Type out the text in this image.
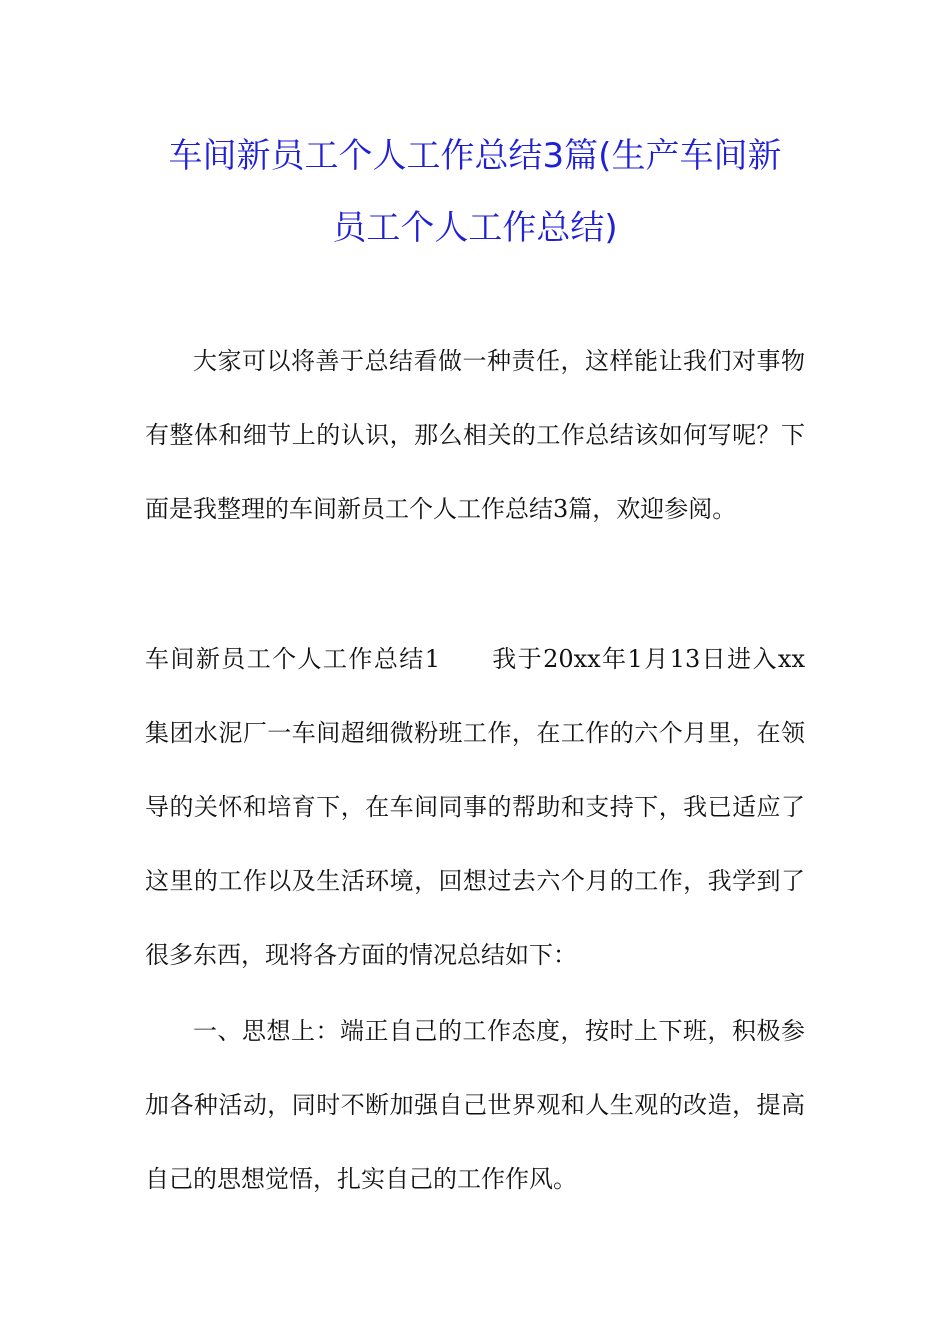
车间新员工个人工作总结3篇(生产车间新
员工个人工作总结)
大家可以将善于总结看做一种责任，这样能让我们对事物
有整体和细节上的认识，那么相关的工作总结该如何写呢？下
面是我整理的车间新员工个人工作总结3篇，欢迎参阅。
车间新员工个人工作总结1　　我于20xx年1月13日进入xx
集团水泥厂一车间超细微粉班工作，在工作的六个月里，在领
导的关怀和培育下，在车间同事的帮助和支持下，我已适应了
这里的工作以及生活环境，回想过去六个月的工作，我学到了
很多东西，现将各方面的情况总结如下：
一、思想上：端正自己的工作态度，按时上下班，积极参
加各种活动，同时不断加强自己世界观和人生观的改造，提高
自己的思想觉悟，扎实自己的工作作风。
